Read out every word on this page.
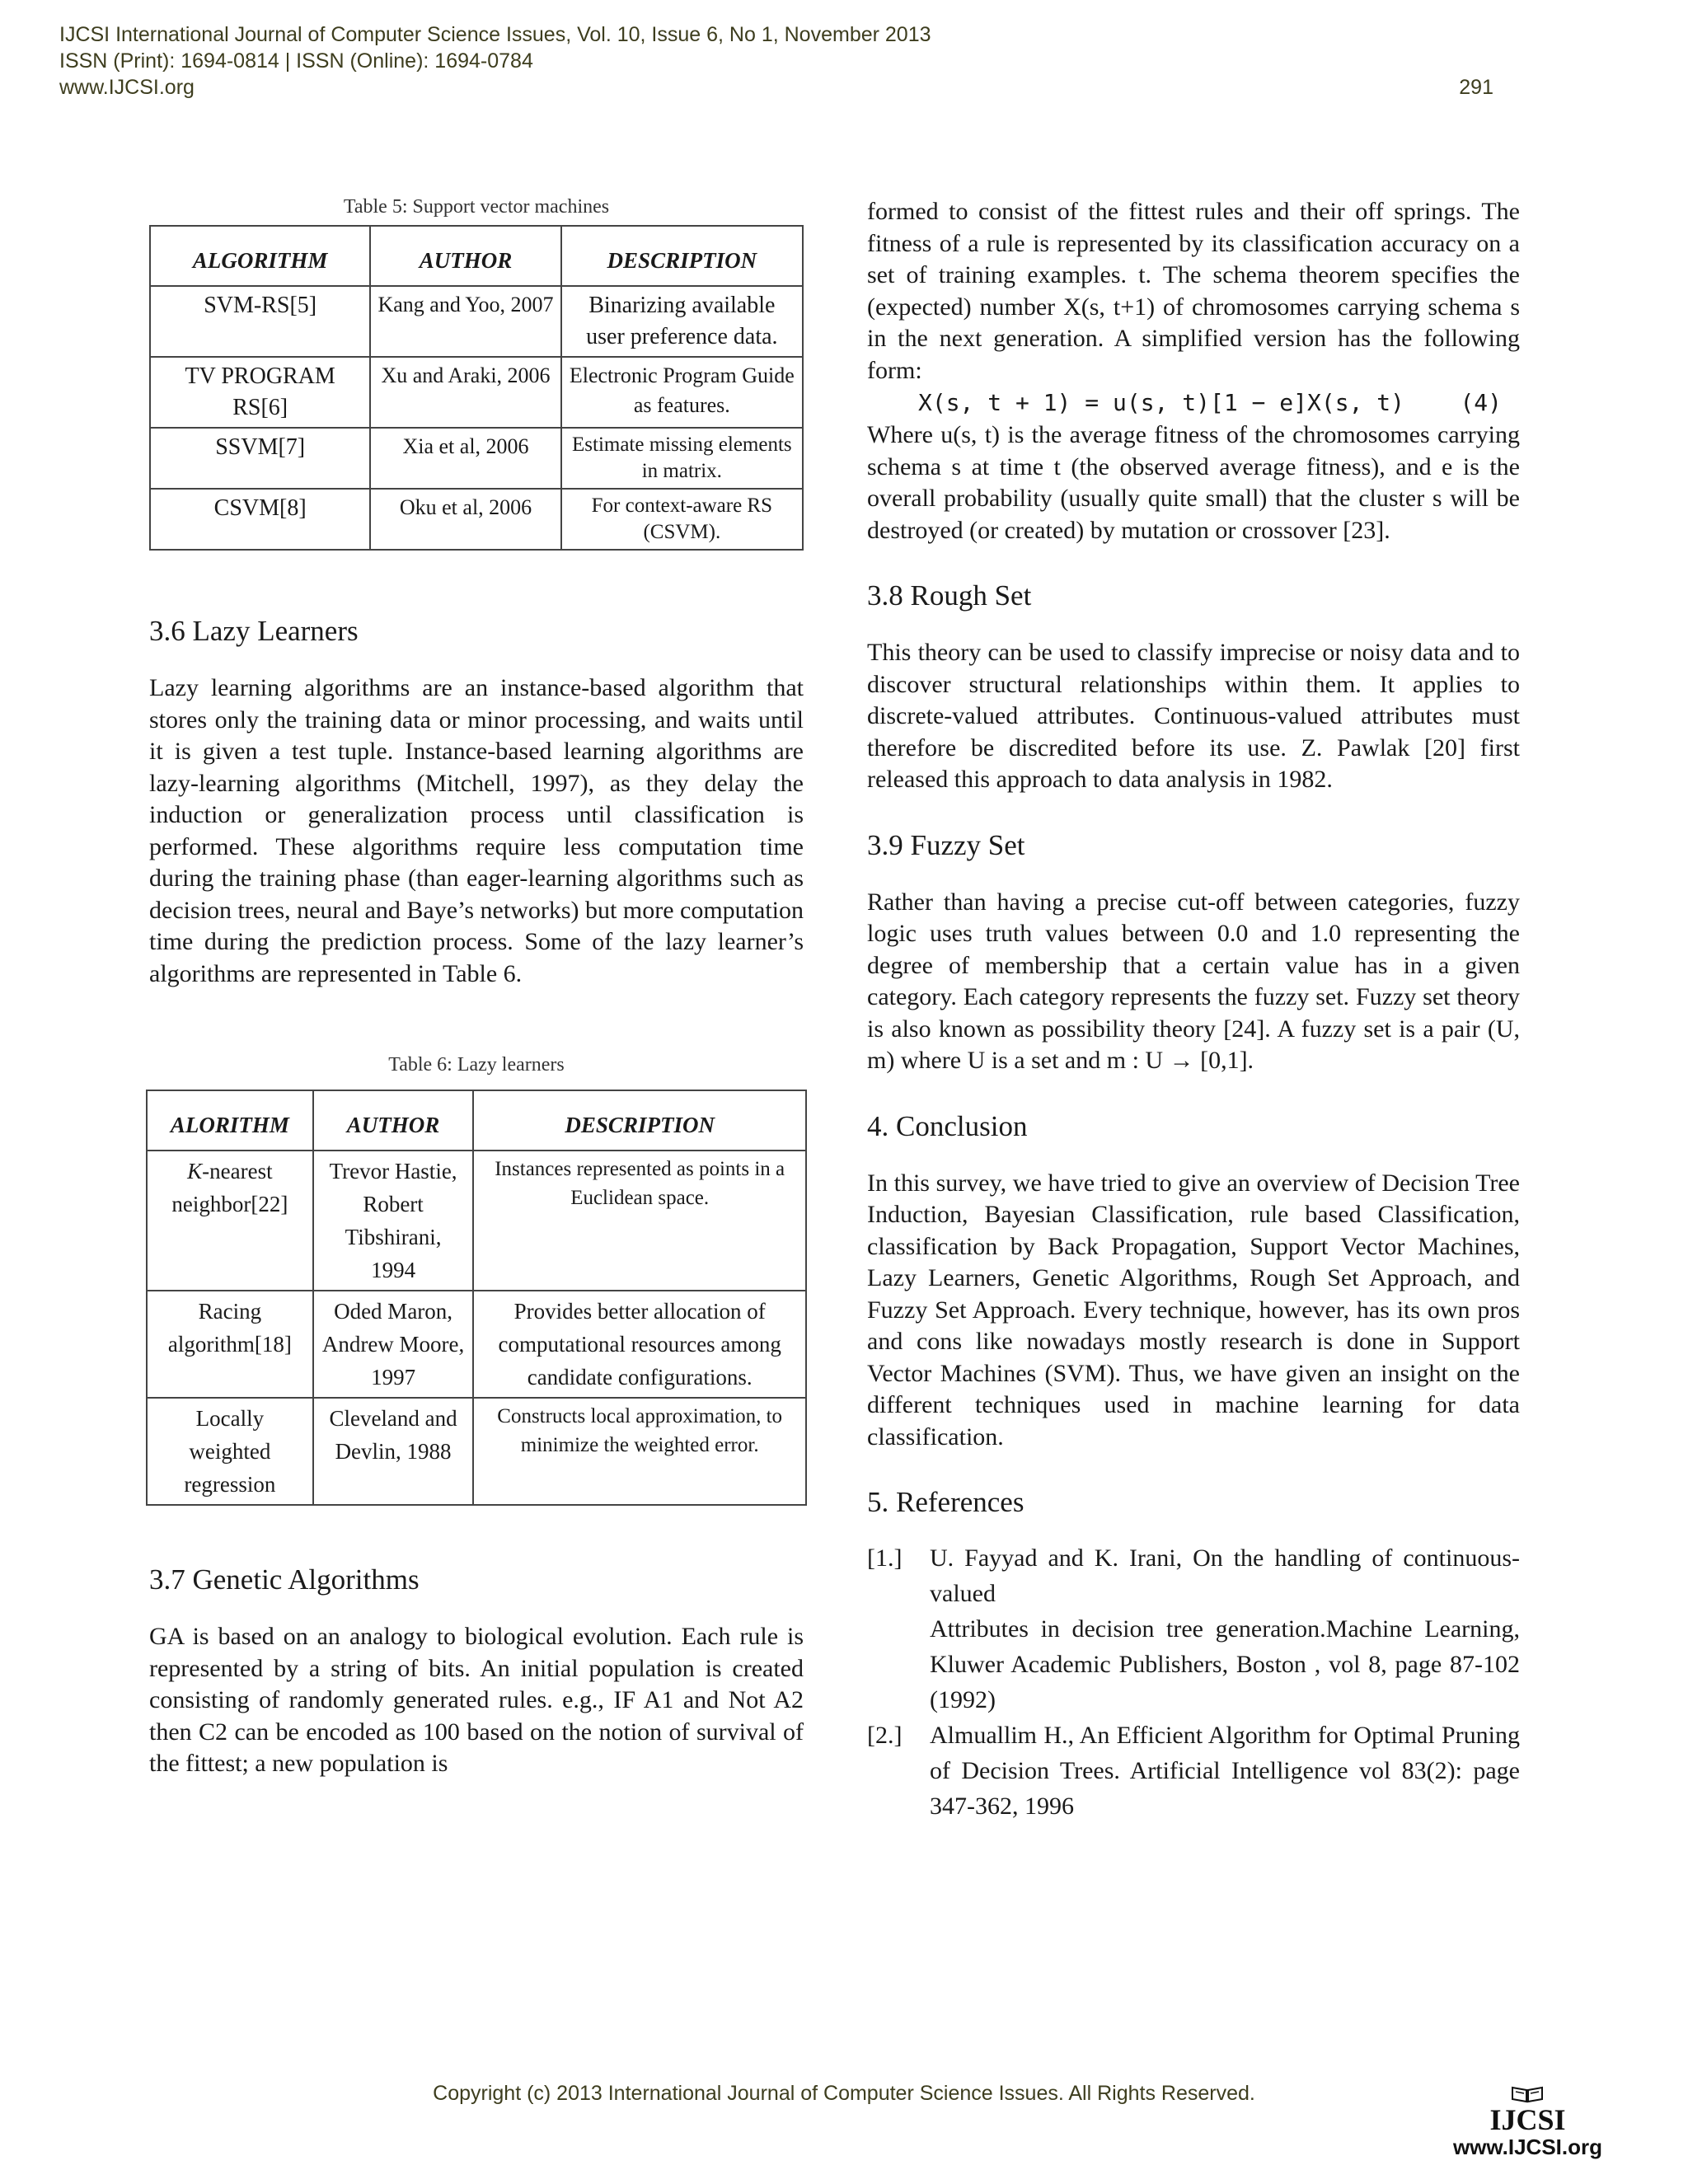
IJCSI International Journal of Computer Science Issues, Vol. 10, Issue 6, No 1, November 2013
ISSN (Print): 1694-0814 | ISSN (Online): 1694-0784
www.IJCSI.org	291
Table 5: Support vector machines
ALGORITHM	AUTHOR	DESCRIPTION
SVM-RS[5]	Kang and Yoo, 2007	Binarizing available user preference data.
TV PROGRAM RS[6]	Xu and Araki, 2006	Electronic Program Guide as features.
SSVM[7]	Xia et al, 2006	Estimate missing elements in matrix.
CSVM[8]	Oku et al, 2006	For context-aware RS (CSVM).
3.6 Lazy Learners

Lazy learning algorithms are an instance-based algorithm that stores only the training data or minor processing, and waits until it is given a test tuple. Instance-based learning algorithms are lazy-learning algorithms (Mitchell, 1997), as they delay the induction or generalization process until classification is performed. These algorithms require less computation time during the training phase (than eager-learning algorithms such as decision trees, neural and Baye’s networks) but more computation time during the prediction process. Some of the lazy learner’s algorithms are represented in Table 6.

Table 6: Lazy learners
ALORITHM	AUTHOR	DESCRIPTION
K-nearest neighbor[22]	Trevor Hastie, Robert Tibshirani, 1994	Instances represented as points in a Euclidean space.
Racing algorithm[18]	Oded Maron, Andrew Moore, 1997	Provides better allocation of computational resources among candidate configurations.
Locally weighted regression	Cleveland and Devlin, 1988	Constructs local approximation, to minimize the weighted error.
3.7 Genetic Algorithms

GA is based on an analogy to biological evolution. Each rule is represented by a string of bits. An initial population is created consisting of randomly generated rules. e.g., IF A1 and Not A2 then C2 can be encoded as 100 based on the notion of survival of the fittest; a new population is

formed to consist of the fittest rules and their off springs. The fitness of a rule is represented by its classification accuracy on a set of training examples. t. The schema theorem specifies the (expected) number X(s, t+1) of chromosomes carrying schema s in the next generation. A simplified version has the following form:

X(s, t + 1) = u(s, t)[1 − e]X(s, t) (4)

Where u(s, t) is the average fitness of the chromosomes carrying schema s at time t (the observed average fitness), and e is the overall probability (usually quite small) that the cluster s will be destroyed (or created) by mutation or crossover [23].

3.8 Rough Set

This theory can be used to classify imprecise or noisy data and to discover structural relationships within them. It applies to discrete-valued attributes. Continuous-valued attributes must therefore be discredited before its use. Z. Pawlak [20] first released this approach to data analysis in 1982.

3.9 Fuzzy Set

Rather than having a precise cut-off between categories, fuzzy logic uses truth values between 0.0 and 1.0 representing the degree of membership that a certain value has in a given category. Each category represents the fuzzy set. Fuzzy set theory is also known as possibility theory [24]. A fuzzy set is a pair (U, m) where U is a set and m : U → [0,1].

4. Conclusion

In this survey, we have tried to give an overview of Decision Tree Induction, Bayesian Classification, rule based Classification, classification by Back Propagation, Support Vector Machines, Lazy Learners, Genetic Algorithms, Rough Set Approach, and Fuzzy Set Approach. Every technique, however, has its own pros and cons like nowadays mostly research is done in Support Vector Machines (SVM). Thus, we have given an insight on the different techniques used in machine learning for data classification.

5. References
[1.]	U. Fayyad and K. Irani, On the handling of continuous-valued
Attributes in decision tree generation.Machine Learning, Kluwer Academic Publishers, Boston , vol 8, page 87-102 (1992)
[2.]	Almuallim H., An Efficient Algorithm for Optimal Pruning of Decision Trees. Artificial Intelligence vol 83(2): page 347-362, 1996
Copyright (c) 2013 International Journal of Computer Science Issues. All Rights Reserved.
IJCSI
www.IJCSI.org
